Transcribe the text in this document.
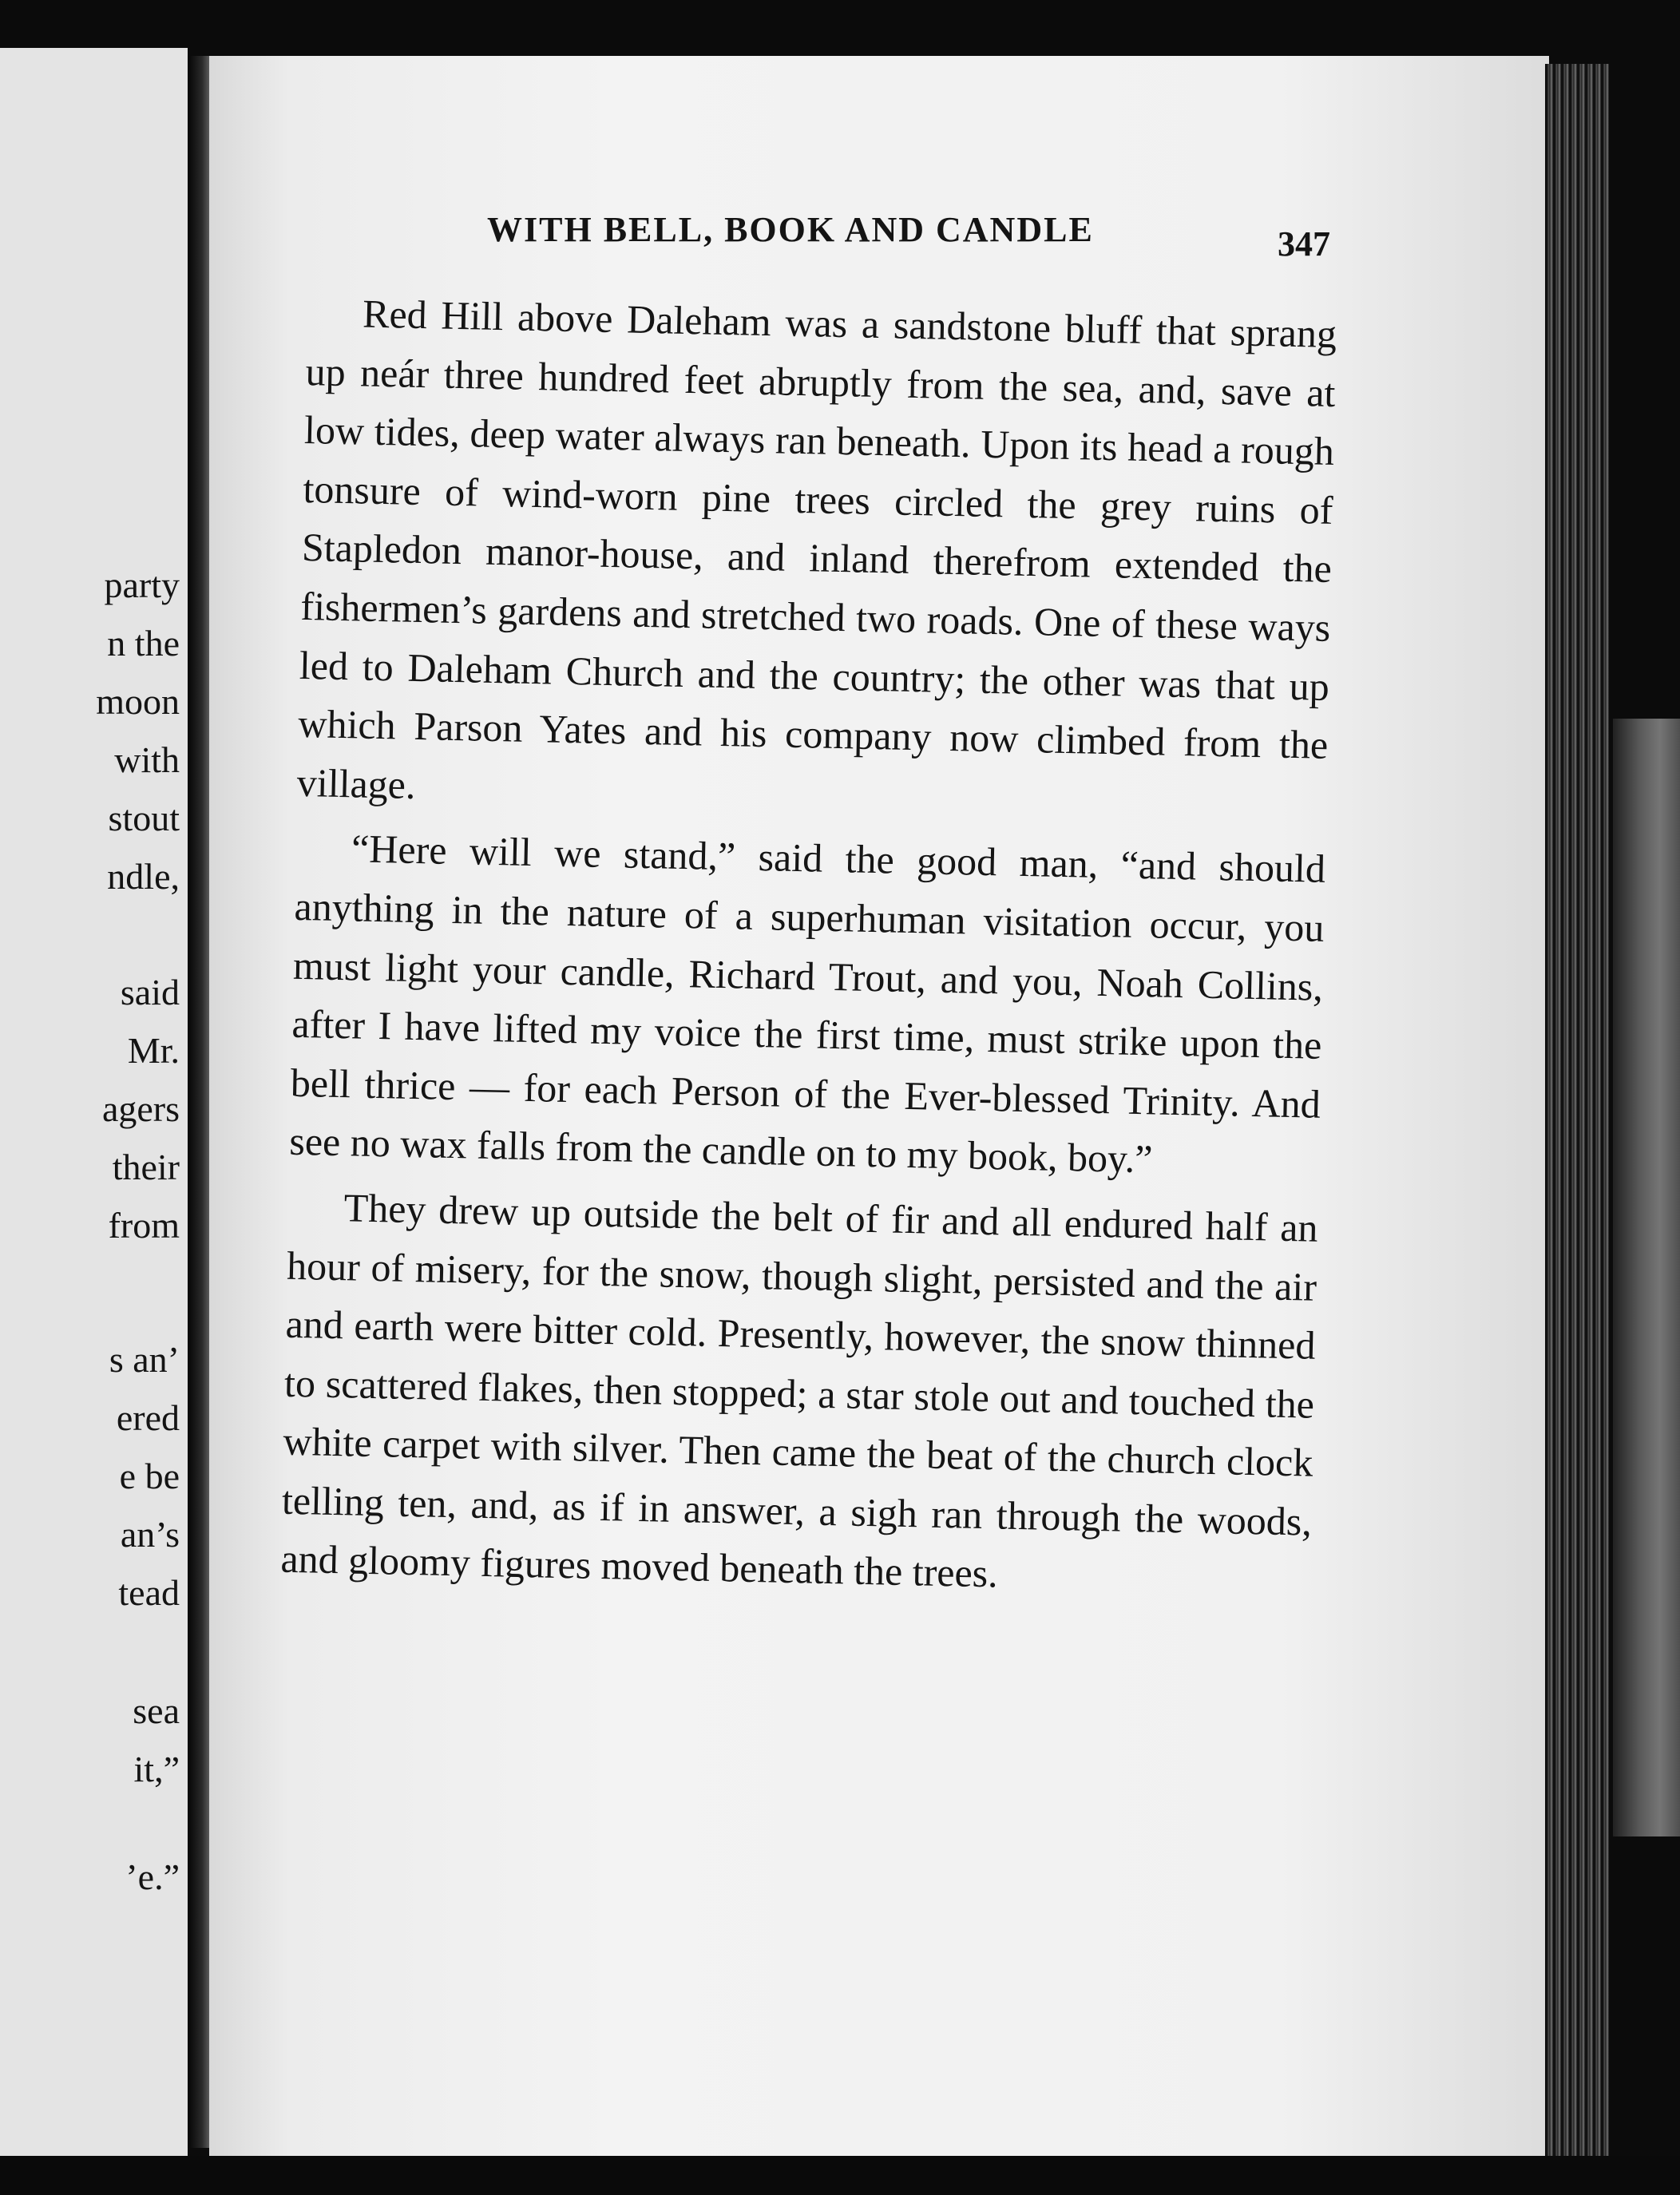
party
n the
moon
with
stout
ndle,
said
Mr.
agers
their
from
s an’
ered
e be
an’s
tead
sea
it,”
’e.”
WITH BELL, BOOK AND CANDLE	347

Red Hill above Daleham was a sandstone bluff that sprang up neár three hundred feet abruptly from the sea, and, save at low tides, deep water always ran beneath. Upon its head a rough tonsure of wind-worn pine trees circled the grey ruins of Stapledon manor-house, and inland therefrom extended the fishermen’s gardens and stretched two roads. One of these ways led to Daleham Church and the country; the other was that up which Parson Yates and his company now climbed from the village.

“Here will we stand,” said the good man, “and should anything in the nature of a superhuman visitation occur, you must light your candle, Richard Trout, and you, Noah Collins, after I have lifted my voice the first time, must strike upon the bell thrice — for each Person of the Ever-blessed Trinity. And see no wax falls from the candle on to my book, boy.”

They drew up outside the belt of fir and all endured half an hour of misery, for the snow, though slight, persisted and the air and earth were bitter cold. Presently, however, the snow thinned to scattered flakes, then stopped; a star stole out and touched the white carpet with silver. Then came the beat of the church clock telling ten, and, as if in answer, a sigh ran through the woods, and gloomy figures moved beneath the trees.
